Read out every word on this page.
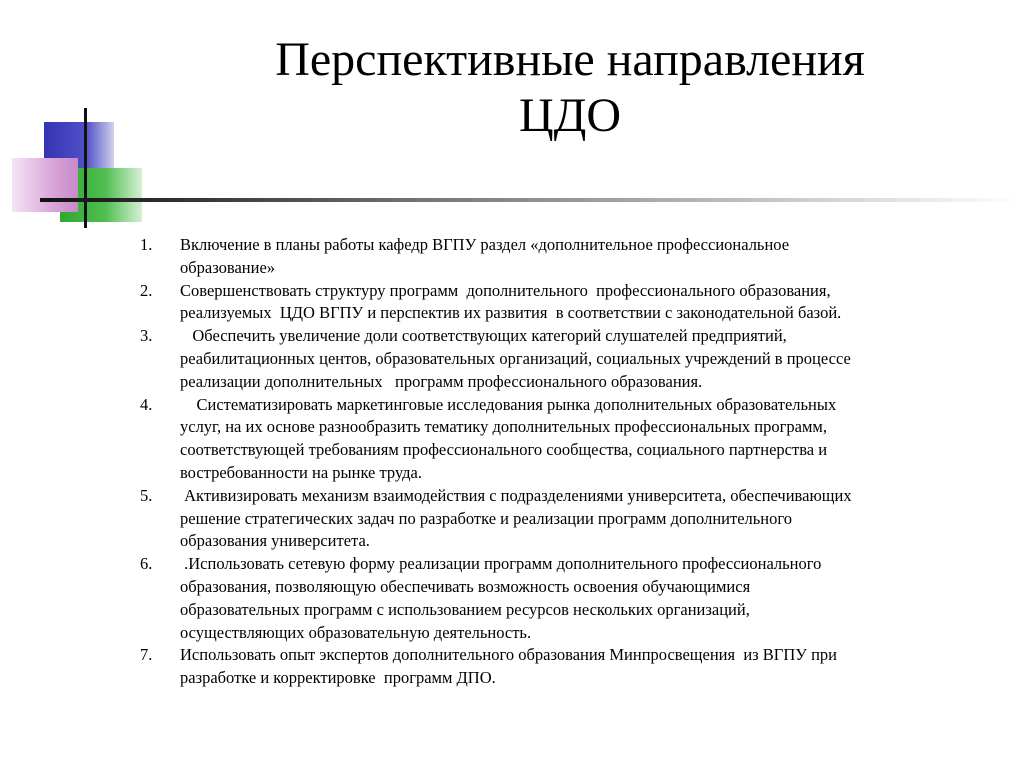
Перспективные направления
ЦДО
1.	Включение в планы работы кафедр ВГПУ раздел «дополнительное профессиональное
образование»
2.	Совершенствовать структуру программ  дополнительного  профессионального образования,
реализуемых  ЦДО ВГПУ и перспектив их развития  в соответствии с законодательной базой.
3.	Обеспечить увеличение доли соответствующих категорий слушателей предприятий,
реабилитационных центов, образовательных организаций, социальных учреждений в процессе
реализации дополнительных   программ профессионального образования.
4.	Систематизировать маркетинговые исследования рынка дополнительных образовательных
услуг, на их основе разнообразить тематику дополнительных профессиональных программ,
соответствующей требованиям профессионального сообщества, социального партнерства и
востребованности на рынке труда.
5.	Активизировать механизм взаимодействия с подразделениями университета, обеспечивающих
решение стратегических задач по разработке и реализации программ дополнительного
образования университета.
6.	.Использовать сетевую форму реализации программ дополнительного профессионального
образования, позволяющую обеспечивать возможность освоения обучающимися
образовательных программ с использованием ресурсов нескольких организаций,
осуществляющих образовательную деятельность.
7.	Использовать опыт экспертов дополнительного образования Минпросвещения  из ВГПУ при
разработке и корректировке  программ ДПО.
